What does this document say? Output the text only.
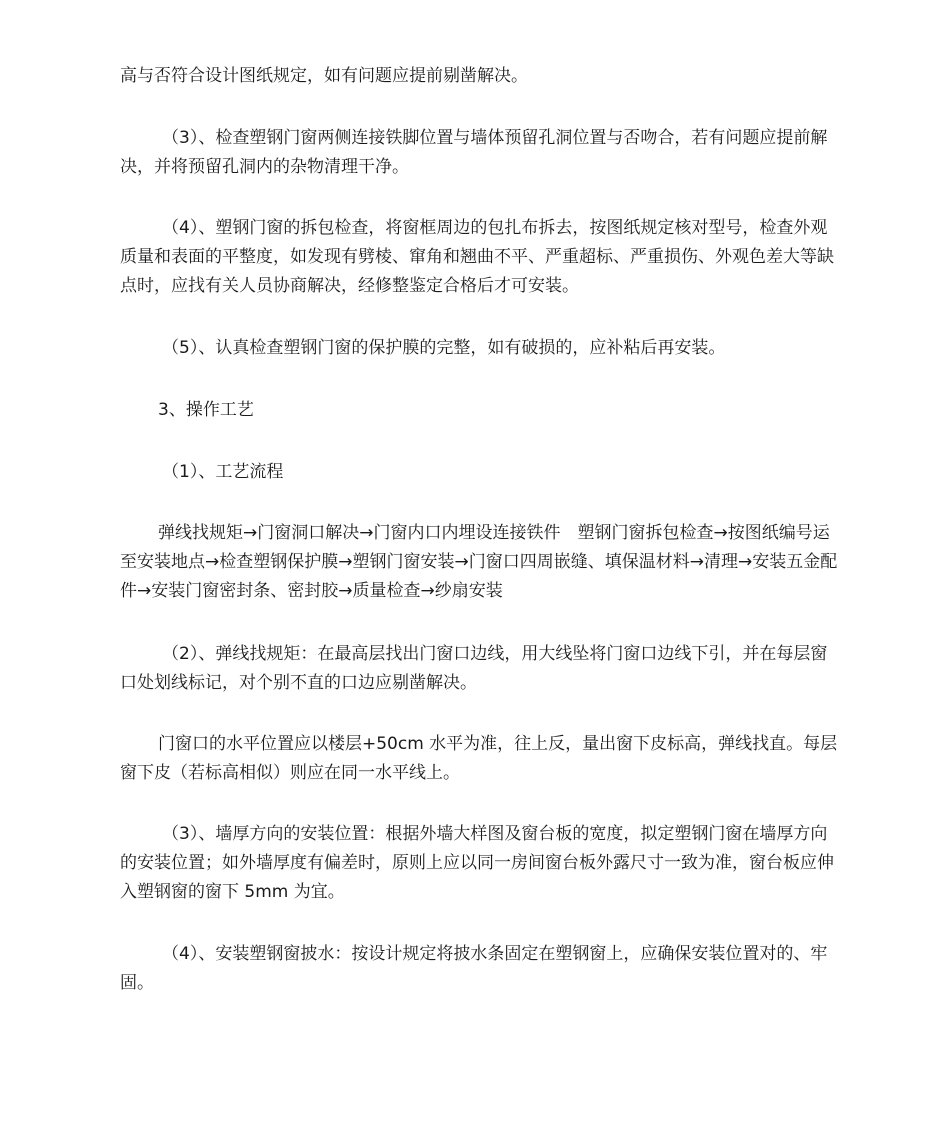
高与否符合设计图纸规定，如有问题应提前剔凿解决。

（3）、检查塑钢门窗两侧连接铁脚位置与墙体预留孔洞位置与否吻合，若有问题应提前解决，并将预留孔洞内的杂物清理干净。

（4）、塑钢门窗的拆包检查，将窗框周边的包扎布拆去，按图纸规定核对型号，检查外观质量和表面的平整度，如发现有劈棱、窜角和翘曲不平、严重超标、严重损伤、外观色差大等缺点时，应找有关人员协商解决，经修整鉴定合格后才可安装。

（5）、认真检查塑钢门窗的保护膜的完整，如有破损的，应补粘后再安装。

3、操作工艺

（1）、工艺流程

弹线找规矩→门窗洞口解决→门窗内口内埋设连接铁件　塑钢门窗拆包检查→按图纸编号运至安装地点→检查塑钢保护膜→塑钢门窗安装→门窗口四周嵌缝、填保温材料→清理→安装五金配件→安装门窗密封条、密封胶→质量检查→纱扇安装

（2）、弹线找规矩：在最高层找出门窗口边线，用大线坠将门窗口边线下引，并在每层窗口处划线标记，对个别不直的口边应剔凿解决。

门窗口的水平位置应以楼层+50cm 水平为准，往上反，量出窗下皮标高，弹线找直。每层窗下皮（若标高相似）则应在同一水平线上。

（3）、墙厚方向的安装位置：根据外墙大样图及窗台板的宽度，拟定塑钢门窗在墙厚方向的安装位置；如外墙厚度有偏差时，原则上应以同一房间窗台板外露尺寸一致为准，窗台板应伸入塑钢窗的窗下 5mm 为宜。

（4）、安装塑钢窗披水：按设计规定将披水条固定在塑钢窗上，应确保安装位置对的、牢固。
